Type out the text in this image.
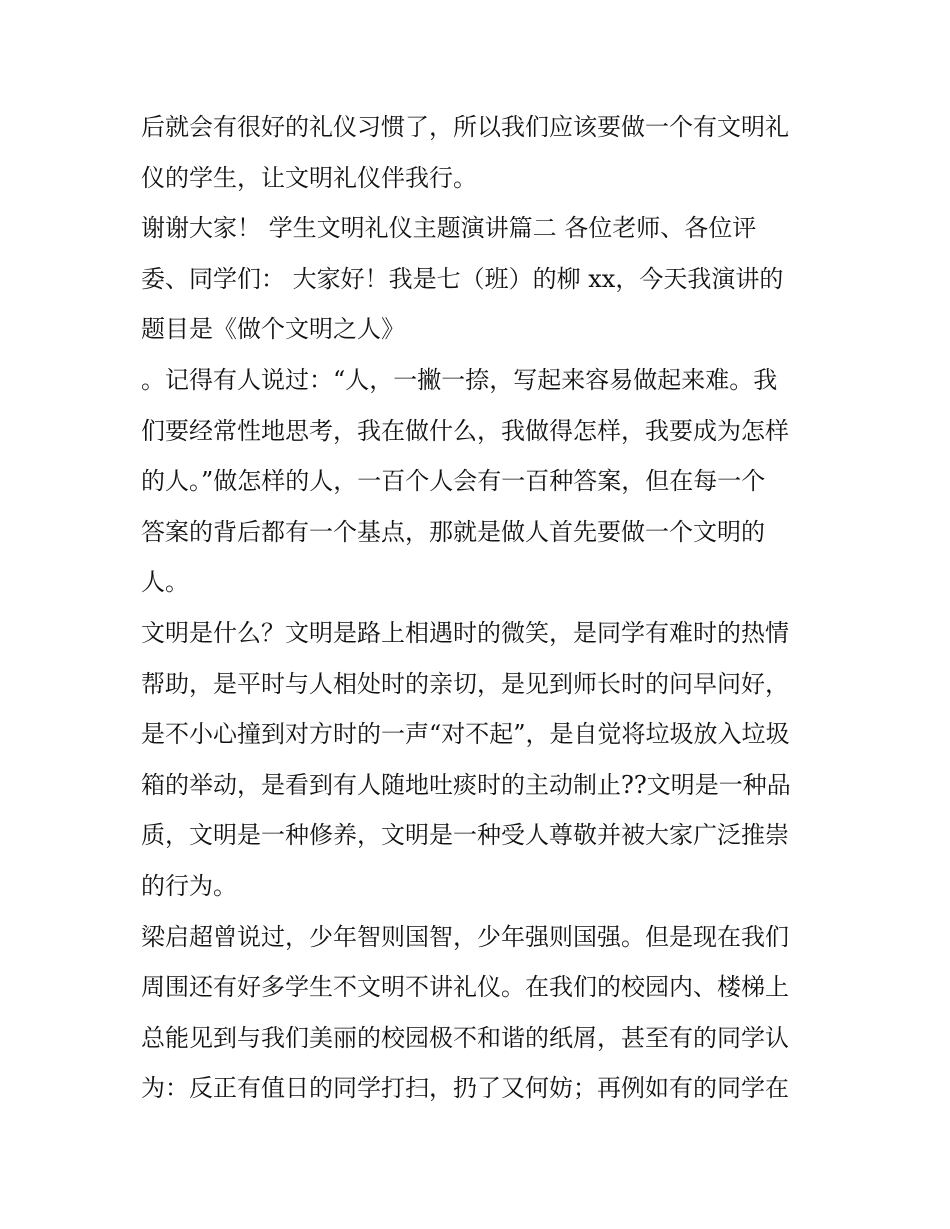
后就会有很好的礼仪习惯了，所以我们应该要做一个有文明礼
仪的学生，让文明礼仪伴我行。
谢谢大家！ 学生文明礼仪主题演讲篇二 各位老师、各位评
委、同学们： 大家好！我是七（班）的柳 xx，今天我演讲的
题目是《做个文明之人》
。记得有人说过：“人，一撇一捺，写起来容易做起来难。我
们要经常性地思考，我在做什么，我做得怎样，我要成为怎样
的人。”做怎样的人，一百个人会有一百种答案，但在每一个
答案的背后都有一个基点，那就是做人首先要做一个文明的
人。
文明是什么？文明是路上相遇时的微笑，是同学有难时的热情
帮助，是平时与人相处时的亲切，是见到师长时的问早问好，
是不小心撞到对方时的一声“对不起”，是自觉将垃圾放入垃圾
箱的举动，是看到有人随地吐痰时的主动制止??文明是一种品
质，文明是一种修养，文明是一种受人尊敬并被大家广泛推崇
的行为。
梁启超曾说过，少年智则国智，少年强则国强。但是现在我们
周围还有好多学生不文明不讲礼仪。在我们的校园内、楼梯上
总能见到与我们美丽的校园极不和谐的纸屑，甚至有的同学认
为：反正有值日的同学打扫，扔了又何妨；再例如有的同学在
